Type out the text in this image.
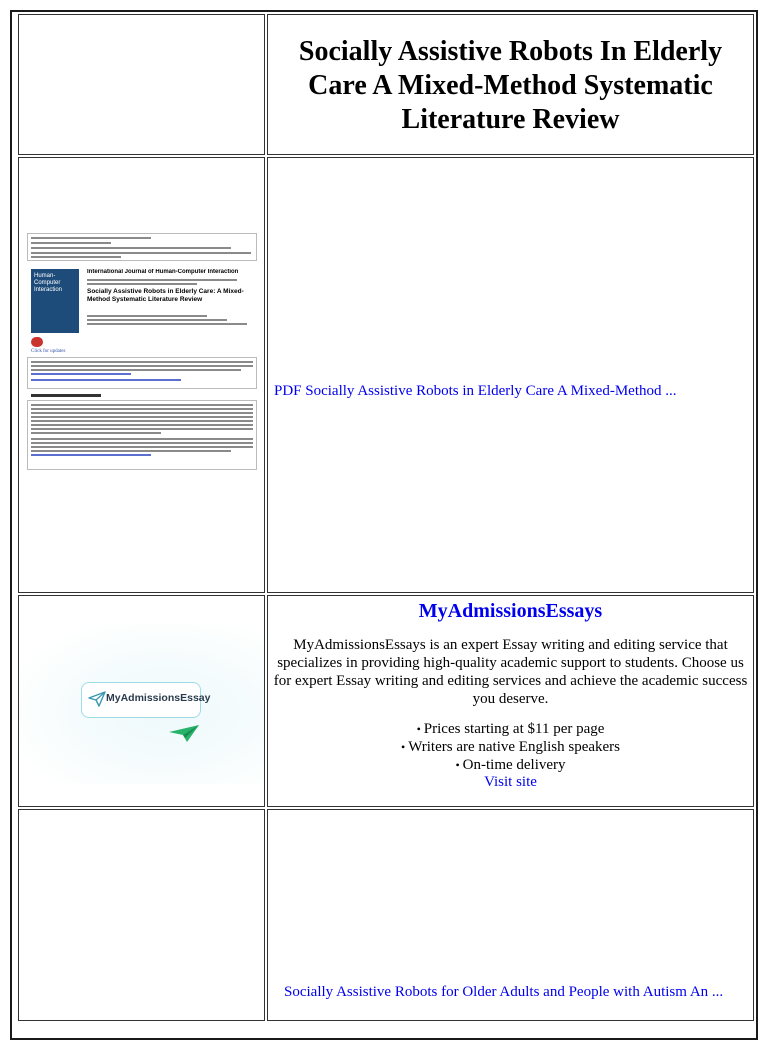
Socially Assistive Robots In Elderly Care A Mixed-Method Systematic Literature Review
Human-Computer Interaction
International Journal of Human-Computer Interaction
Socially Assistive Robots in Elderly Care: A Mixed-Method Systematic Literature Review
Click for updates
PDF Socially Assistive Robots in Elderly Care A Mixed-Method ...
MyAdmissionsEssay
MyAdmissionsEssays
MyAdmissionsEssays is an expert Essay writing and editing service that specializes in providing high-quality academic support to students. Choose us for expert Essay writing and editing services and achieve the academic success you deserve.
• Prices starting at $11 per page
• Writers are native English speakers
• On-time delivery
Visit site
Socially Assistive Robots for Older Adults and People with Autism An ...
